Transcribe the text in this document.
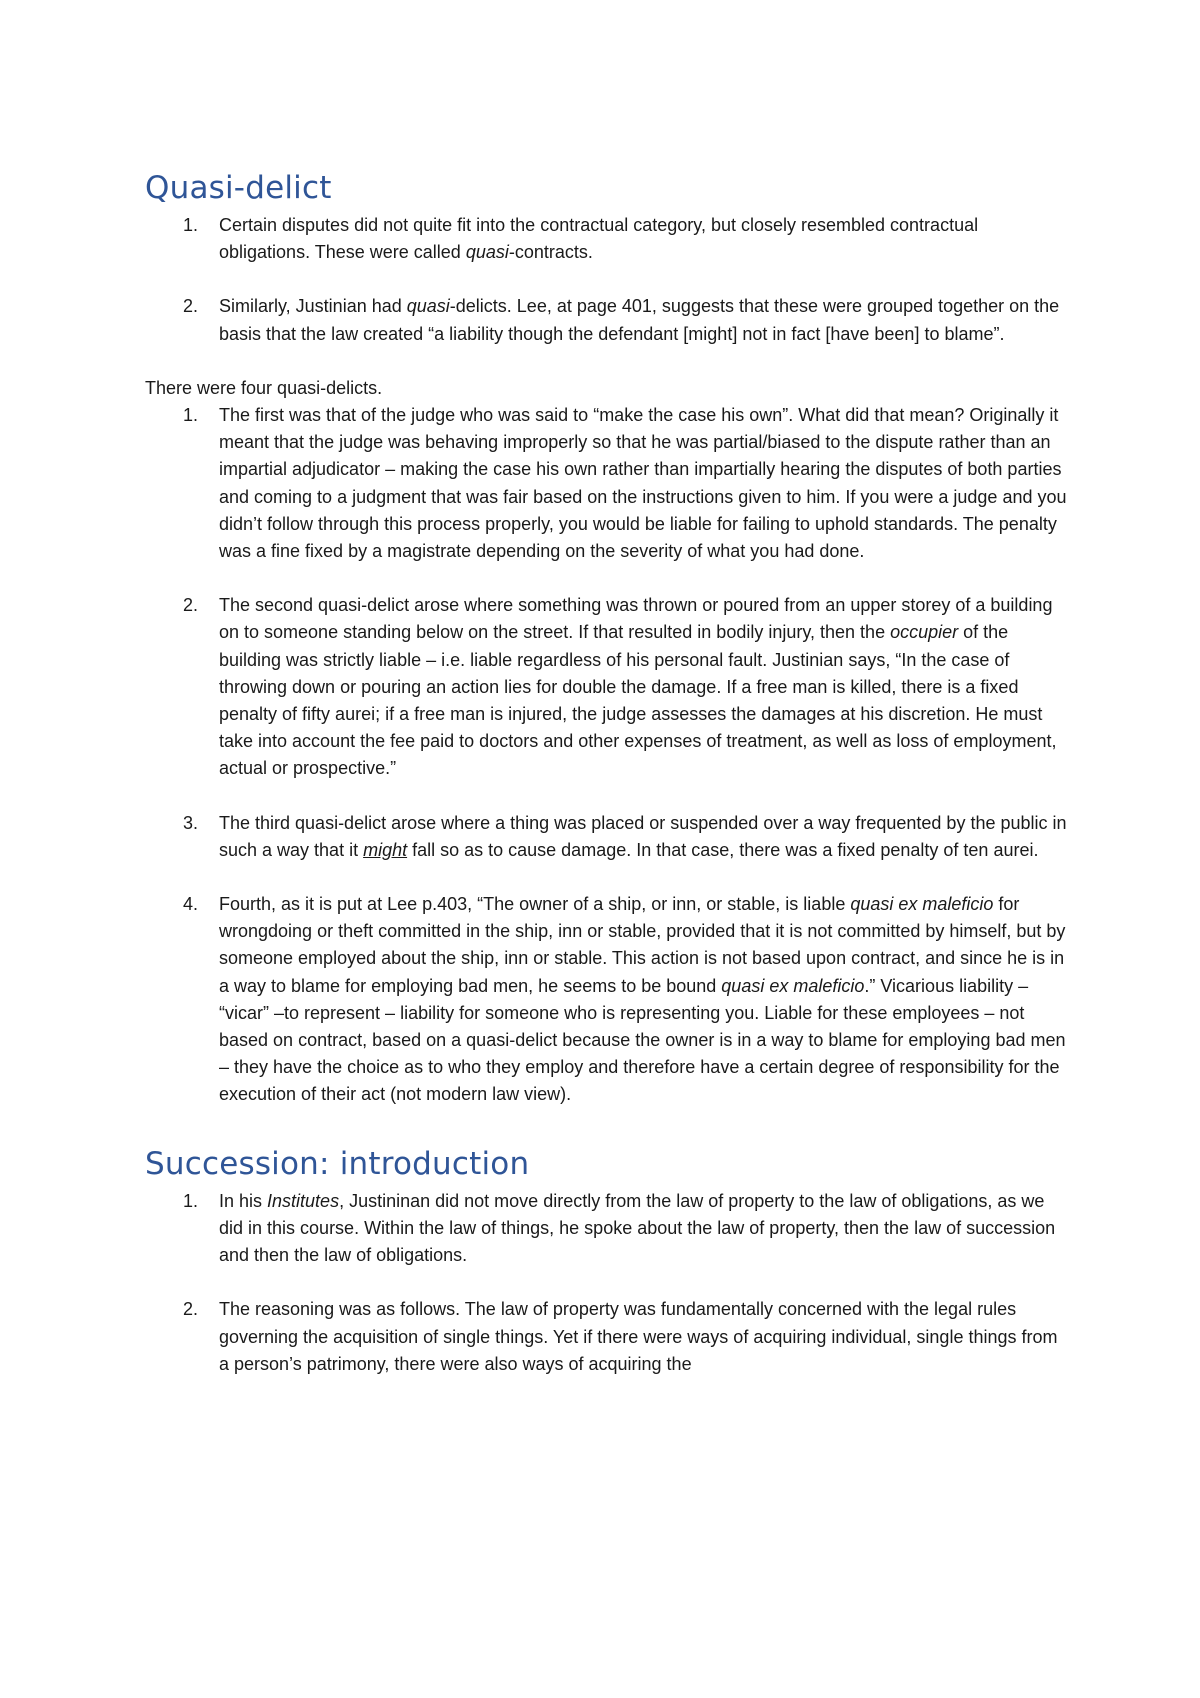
Quasi-delict
1. Certain disputes did not quite fit into the contractual category, but closely resembled contractual obligations. These were called quasi-contracts.
2. Similarly, Justinian had quasi-delicts. Lee, at page 401, suggests that these were grouped together on the basis that the law created “a liability though the defendant [might] not in fact [have been] to blame”.

There were four quasi-delicts.

1. The first was that of the judge who was said to “make the case his own”. What did that mean? Originally it meant that the judge was behaving improperly so that he was partial/biased to the dispute rather than an impartial adjudicator – making the case his own rather than impartially hearing the disputes of both parties and coming to a judgment that was fair based on the instructions given to him. If you were a judge and you didn’t follow through this process properly, you would be liable for failing to uphold standards. The penalty was a fine fixed by a magistrate depending on the severity of what you had done.
2. The second quasi-delict arose where something was thrown or poured from an upper storey of a building on to someone standing below on the street. If that resulted in bodily injury, then the occupier of the building was strictly liable – i.e. liable regardless of his personal fault. Justinian says, “In the case of throwing down or pouring an action lies for double the damage. If a free man is killed, there is a fixed penalty of fifty aurei; if a free man is injured, the judge assesses the damages at his discretion. He must take into account the fee paid to doctors and other expenses of treatment, as well as loss of employment, actual or prospective.”
3. The third quasi-delict arose where a thing was placed or suspended over a way frequented by the public in such a way that it might fall so as to cause damage. In that case, there was a fixed penalty of ten aurei.
4. Fourth, as it is put at Lee p.403, “The owner of a ship, or inn, or stable, is liable quasi ex maleficio for wrongdoing or theft committed in the ship, inn or stable, provided that it is not committed by himself, but by someone employed about the ship, inn or stable. This action is not based upon contract, and since he is in a way to blame for employing bad men, he seems to be bound quasi ex maleficio.” Vicarious liability – “vicar” –to represent – liability for someone who is representing you. Liable for these employees – not based on contract, based on a quasi-delict because the owner is in a way to blame for employing bad men – they have the choice as to who they employ and therefore have a certain degree of responsibility for the execution of their act (not modern law view).
Succession: introduction
1. In his Institutes, Justininan did not move directly from the law of property to the law of obligations, as we did in this course. Within the law of things, he spoke about the law of property, then the law of succession and then the law of obligations.
2. The reasoning was as follows. The law of property was fundamentally concerned with the legal rules governing the acquisition of single things. Yet if there were ways of acquiring individual, single things from a person’s patrimony, there were also ways of acquiring the
